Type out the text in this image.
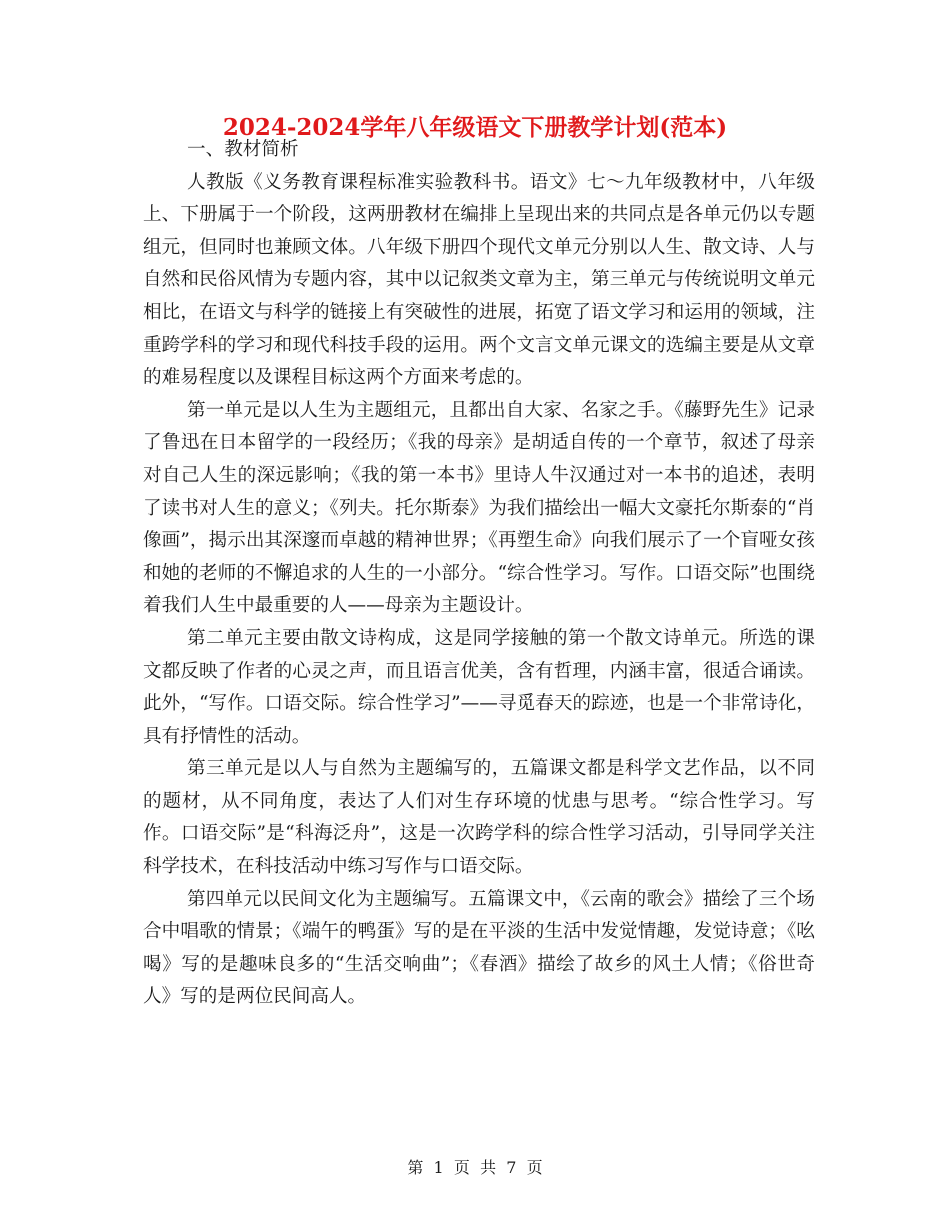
2024-2024学年八年级语文下册教学计划(范本)

一、教材简析

人教版《义务教育课程标准实验教科书。语文》七～九年级教材中，八年级上、下册属于一个阶段，这两册教材在编排上呈现出来的共同点是各单元仍以专题组元，但同时也兼顾文体。八年级下册四个现代文单元分别以人生、散文诗、人与自然和民俗风情为专题内容，其中以记叙类文章为主，第三单元与传统说明文单元相比，在语文与科学的链接上有突破性的进展，拓宽了语文学习和运用的领域，注重跨学科的学习和现代科技手段的运用。两个文言文单元课文的选编主要是从文章的难易程度以及课程目标这两个方面来考虑的。

第一单元是以人生为主题组元，且都出自大家、名家之手。《藤野先生》记录了鲁迅在日本留学的一段经历；《我的母亲》是胡适自传的一个章节，叙述了母亲对自己人生的深远影响；《我的第一本书》里诗人牛汉通过对一本书的追述，表明了读书对人生的意义；《列夫。托尔斯泰》为我们描绘出一幅大文豪托尔斯泰的“肖像画”，揭示出其深邃而卓越的精神世界；《再塑生命》向我们展示了一个盲哑女孩和她的老师的不懈追求的人生的一小部分。“综合性学习。写作。口语交际”也围绕着我们人生中最重要的人——母亲为主题设计。

第二单元主要由散文诗构成，这是同学接触的第一个散文诗单元。所选的课文都反映了作者的心灵之声，而且语言优美，含有哲理，内涵丰富，很适合诵读。此外，“写作。口语交际。综合性学习”——寻觅春天的踪迹，也是一个非常诗化，具有抒情性的活动。

第三单元是以人与自然为主题编写的，五篇课文都是科学文艺作品，以不同的题材，从不同角度，表达了人们对生存环境的忧患与思考。“综合性学习。写作。口语交际”是“科海泛舟”，这是一次跨学科的综合性学习活动，引导同学关注科学技术，在科技活动中练习写作与口语交际。

第四单元以民间文化为主题编写。五篇课文中，《云南的歌会》描绘了三个场合中唱歌的情景；《端午的鸭蛋》写的是在平淡的生活中发觉情趣，发觉诗意；《吆喝》写的是趣味良多的“生活交响曲”；《春酒》描绘了故乡的风土人情；《俗世奇人》写的是两位民间高人。

第  1  页  共  7  页
